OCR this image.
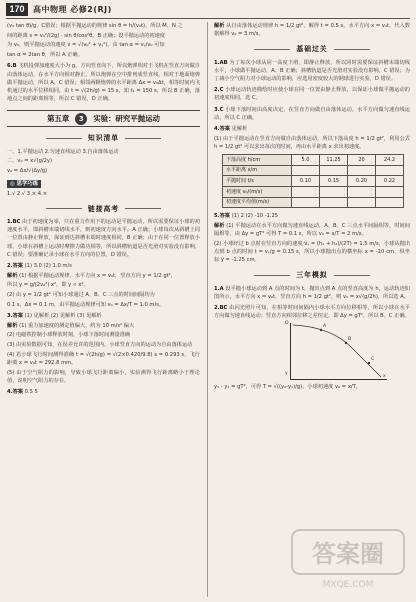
170	高中物理 必修2(RJ)

(v₀ tan θ)/g，C错误；根据平抛运动的规律 sin θ = h/(v₀t)，所以 M、N 之

间的距离 s = v₀²/(2g) · sin θ/cos²θ，B 正确；设平抛运动的初速度

为 v₀，则平抛运动的速度 v = √(v₀² + vᵧ²)，由 tan α = vᵧ/v₀ 可知

tan α = 2tan θ，所以 A 正确。

6.B 飞机投弹加速度大小为 g，方向竖直向下，所以炮弹相对于飞机在竖直方向做自由落体运动，在水平方向相对静止，所以炮弹在空中排列成竖直线，相对于地面炮弹做平抛运动，所以 A、C 错误；相邻两颗炮弹的水平距离 Δx = v₀Δt，相等时间内飞机通过的水平位移相同，由 t = √(2h/g) = 15 s，知 t₁ = 150 s，所以 B 正确，落地点之间的距离相等，所以 C 错误，D 正确。

第五章	3	实验：研究平抛运动
知识清单

一、1.平抛运动 2.匀速直线运动 3.自由落体运动

二、v₀ = x√(g/2y)

v₀ = Δx/√(Δy/g)

◎ 思学巧练

1.√ 2.√ 3.× 4.×

链接高考

1.BC 由于初速度为零，只在重力作用下的运动是平抛运动，所以需要保证小球的初速度水平，即斜槽末端切线水平，则初速度方向水平，A 正确；小球每次从斜槽上同一位置由静止释放，保证到达斜槽末端时速度相同，B 正确；由于在同一位置释放小球，小球在斜槽上运动时摩擦力做功相等，所以斜槽轨道是否光滑对实验没有影响，C 错误；要准确记录小球在水平方向的位置，D 错误。

2.答案 (1) 3.0 (2) 1.0 m/s

解析 (1) 根据平抛运动规律，水平方向 x = v₀t，竖直方向 y = 1/2 gt²，

所以 y = g/(2v₀²) x²，即 y ∝ x²。

(2) 由 y = 1/2 gt² 可知小球通过 A、B、C 三点的时间间隔均为

0.1 s，Δx = 0.1 m，由平抛运动规律可知 v₀ = Δx/T = 1.0 m/s。

3.答案 (1) 见解析 (2) 见解析 (3) 见解析

解析 (1) 重力加速度的测定值偏大，约为 10 m/s² 偏大

(2) 电磁铁控制小球释放时刻，小球下落时间测量准确

(3) 由实验数据可知，在误差允许的范围内，小球竖直方向的运动为自由落体运动

(4) 若小球飞行时间测得准确 t = √(2h/g) = √(2×0.420/9.8) s = 0.293 s，飞行距离 x = v₀t = 292.8 mm。

(5) 由于空气阻力的影响，导致小球飞行距离偏小，实验测得飞行距离略小于理论值，说明空气阻力的存在。

4.答案 0.5 5

解析 从自由落体运动规律 h = 1/2 gt²，解得 t = 0.5 s，水平方向 x = v₀t，代入数据解得 v₀ = 3 m/s。

基础过关

1.AB 为了每次小球从同一高度下滑，即静止释放，所以同时需要保证斜槽末端切线水平，小球做平抛运动，A、B 正确；斜槽轨道是否光滑对实验没有影响，C 错误；为了减小空气阻力对小球运动的影响，应选用密度较大的钢球进行实验，D 错误。

2.C 小球运动轨迹描绘时应使小球在同一位置由静止释放，以保证小球做平抛运动的初速度相同，选 C。

3.C 小球下落时间由高度决定，在竖直方向做自由落体运动，水平方向做匀速直线运动，所以 C 正确。

4.答案 见解析

(1) 由于平抛运动在竖直方向做自由落体运动，所以下落高度 h = 1/2 gt²，利用公式 h = 1/2 gt² 可以求出每次的时间，再由水平距离 x 求出初速度。

下落高度 h/cm	5.0	11.25	20	24.2
水平距离 x/m				
平抛时间 t/s	0.10	0.15	0.20	0.22
初速度 v₀/(m/s)				
初速度平均值(m/s)				

5.答案 (1) 2 (2) -10 -1.25

解析 (1) 平抛运动在水平方向做匀速直线运动，A、B、C 三点水平间隔相等，时间间隔相等，由 Δy = gT² 可得 T = 0.1 s，所以 v₀ = x/T = 2 m/s。

(2) 小球经过 b 点时在竖直方向的速度 vᵧ = (h₁ + h₂)/(2T) = 1.5 m/s，小球从抛出点到 b 点的时间 t = vᵧ/g = 0.15 s，所以小球抛出点的横坐标 x = -10 cm，纵坐标 y = -1.25 cm。

三年模拟

1.A 设平抛小球运动到 A 点的时间为 t，抛出点到 A 点的竖直高度为 h，运动轨迹如图所示，水平方向 x = v₀t，竖直方向 h = 1/2 gt²，则 v₀ = x√(g/2h)，所以选 A。

2.BC 由闪光照片可知，在相等时间间隔内小球水平方向位移相等，所以小球在水平方向做匀速直线运动；竖直方向相邻位移之差恒定，即 Δy = gT²，所以 B、C 正确。

O
x
y
A
B
C

y₂ - y₁ = gT²，可得 T = √((y₂-y₁)/g)，小球初速度 v₀ = x/T。

答案圈
MXQE.COM
